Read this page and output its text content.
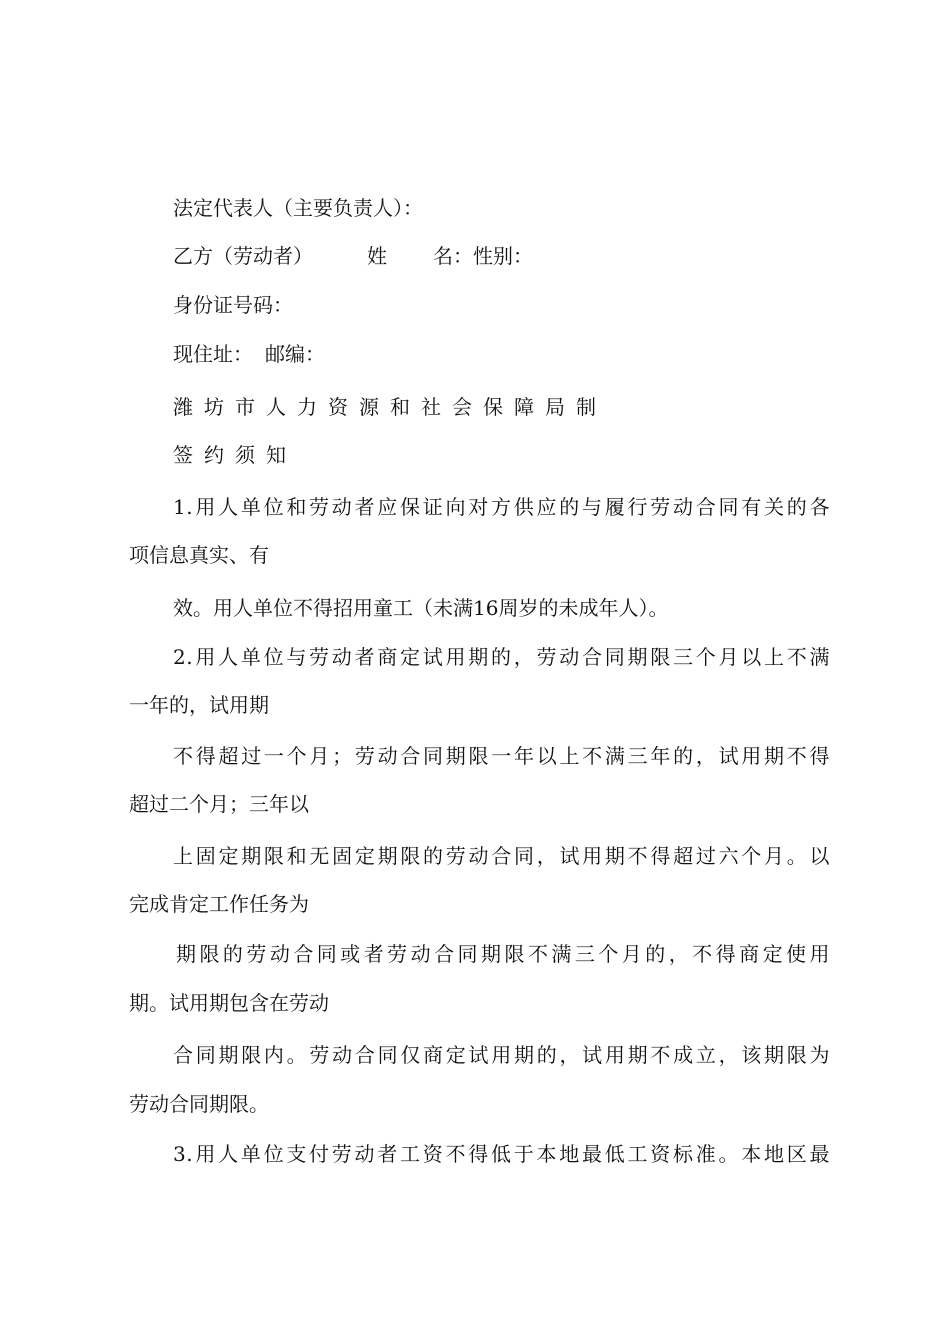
法定代表人（主要负责人）：

乙方（劳动者）	姓 名：性别：

身份证号码：

现住址： 邮编：

潍坊市人力资源和社会保障局制

签约须知

1.用人单位和劳动者应保证向对方供应的与履行劳动合同有关的各

项信息真实、有

效。用人单位不得招用童工（未满16周岁的未成年人）。

2.用人单位与劳动者商定试用期的，劳动合同期限三个月以上不满

一年的，试用期

不得超过一个月；劳动合同期限一年以上不满三年的，试用期不得

超过二个月；三年以

上固定期限和无固定期限的劳动合同，试用期不得超过六个月。以

完成肯定工作任务为

期限的劳动合同或者劳动合同期限不满三个月的，不得商定使用

期。试用期包含在劳动

合同期限内。劳动合同仅商定试用期的，试用期不成立，该期限为

劳动合同期限。

3.用人单位支付劳动者工资不得低于本地最低工资标准。本地区最
